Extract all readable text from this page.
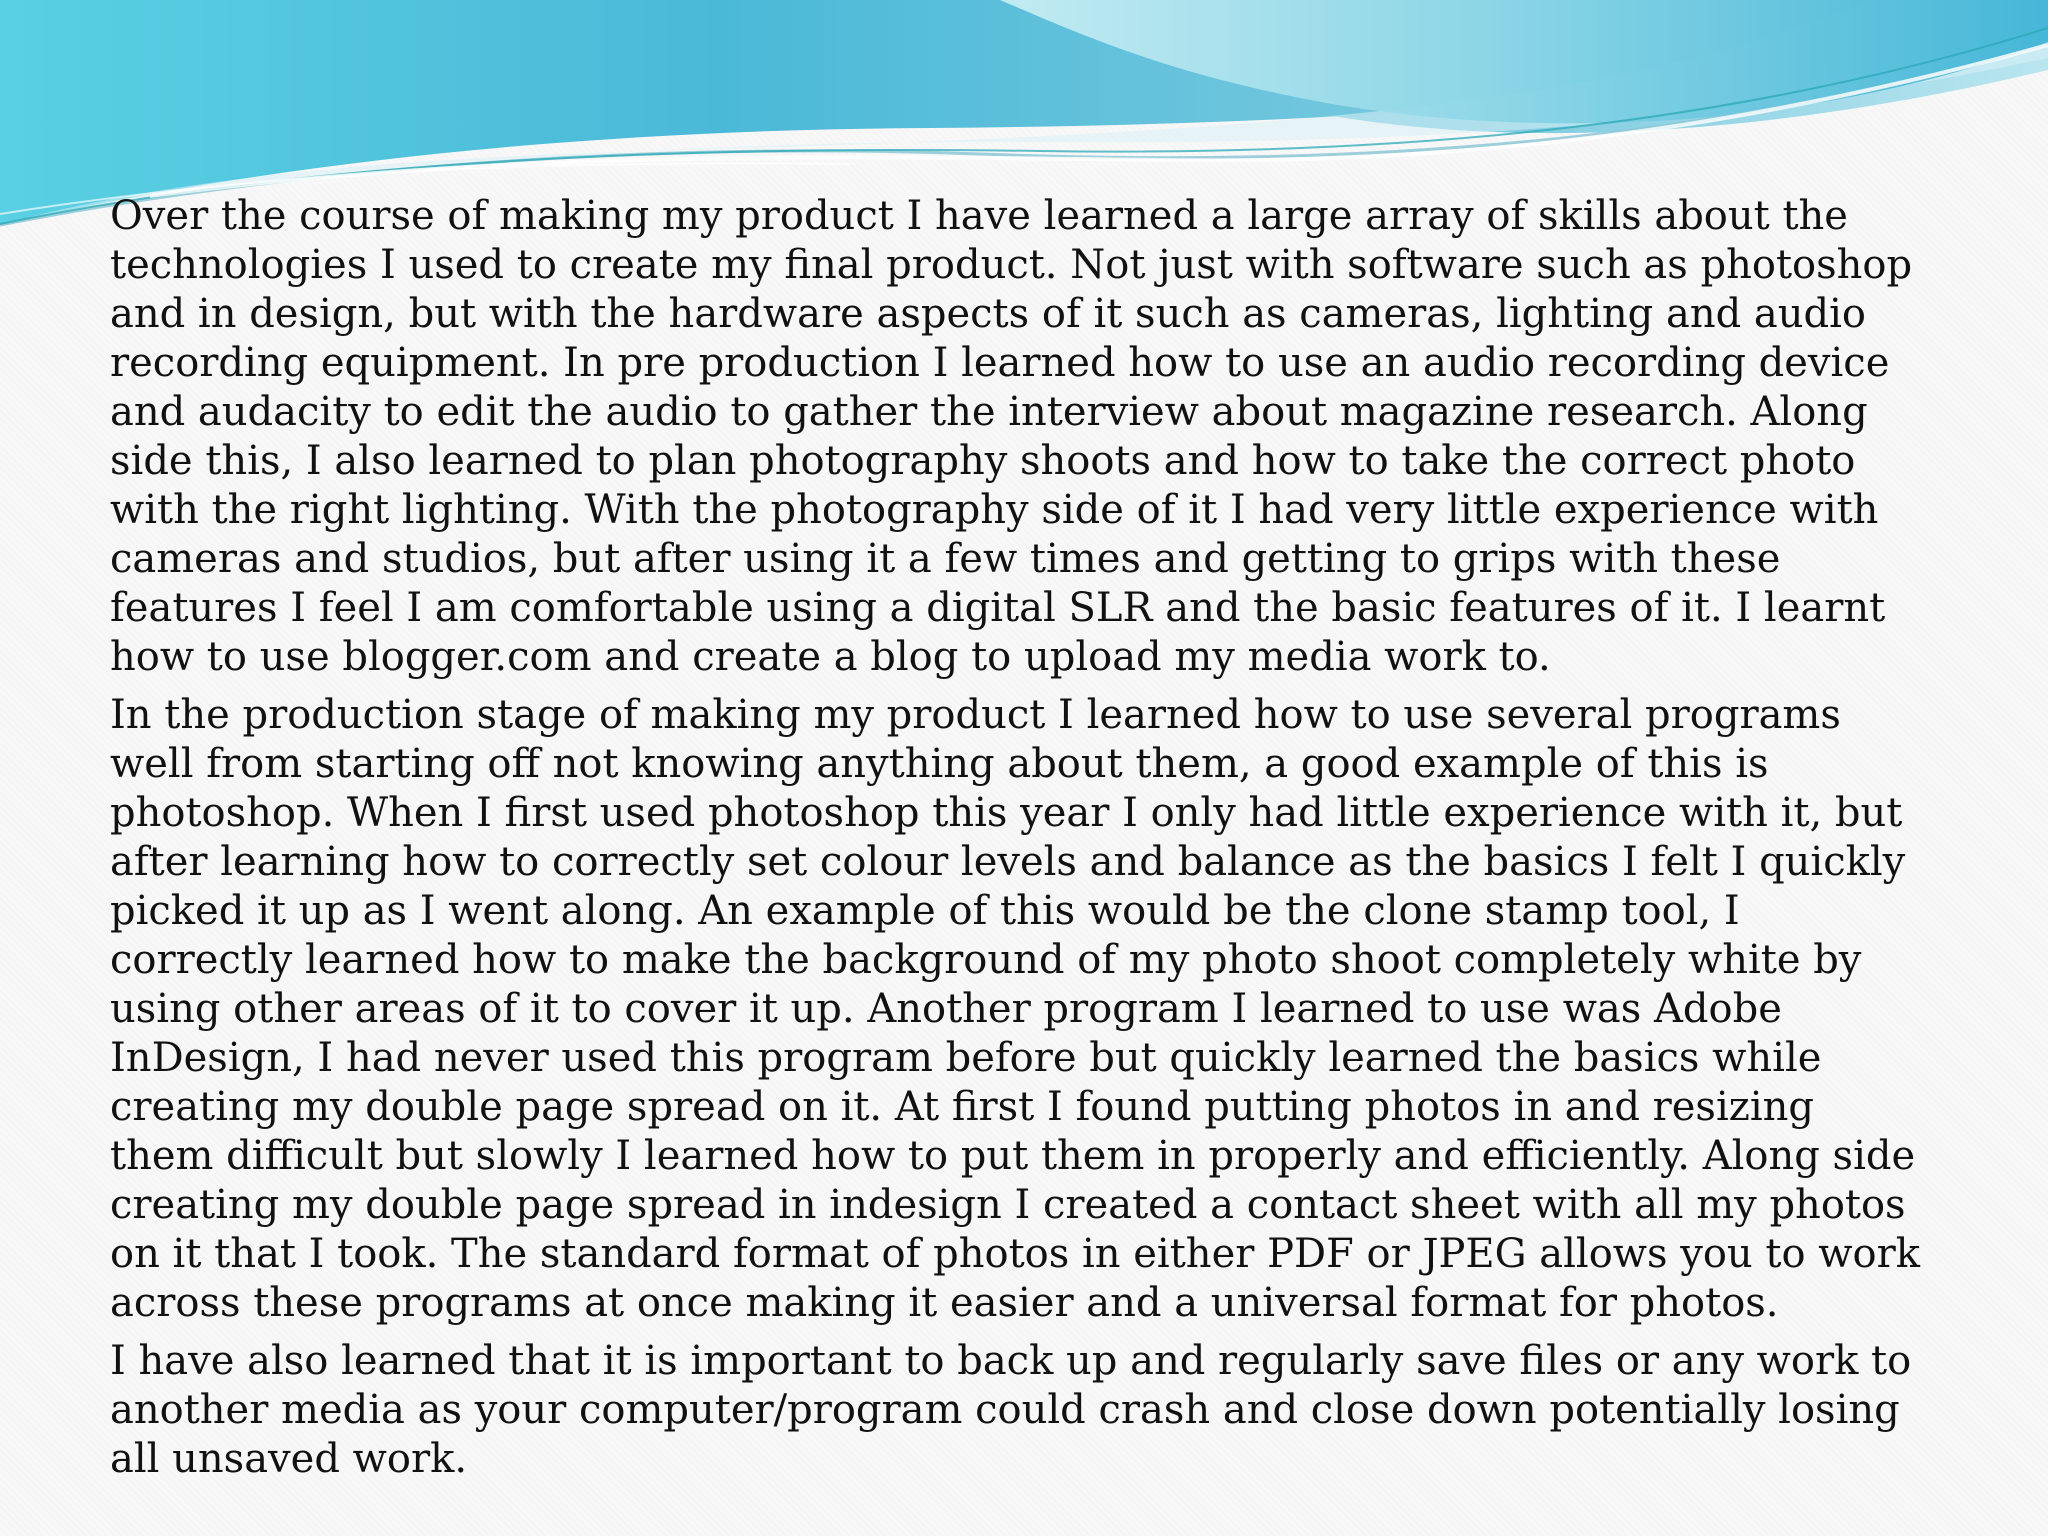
Over the course of making my product I have learned a large array of skills about the technologies I used to create my final product. Not just with software such as photoshop and in design, but with the hardware aspects of it such as cameras, lighting and audio recording equipment. In pre production I learned how to use an audio recording device and audacity to edit the audio to gather the interview about magazine research. Along side this, I also learned to plan photography shoots and how to take the correct photo with the right lighting. With the photography side of it I had very little experience with cameras and studios, but after using it a few times and getting to grips with these features I feel I am comfortable using a digital SLR and the basic features of it. I learnt how to use blogger.com and create a blog to upload my media work to.

In the production stage of making my product I learned how to use several programs well from starting off not knowing anything about them, a good example of this is photoshop. When I first used photoshop this year I only had little experience with it, but after learning how to correctly set colour levels and balance as the basics I felt I quickly picked it up as I went along. An example of this would be the clone stamp tool, I correctly learned how to make the background of my photo shoot completely white by using other areas of it to cover it up. Another program I learned to use was Adobe InDesign, I had never used this program before but quickly learned the basics while creating my double page spread on it. At first I found putting photos in and resizing them difficult but slowly I learned how to put them in properly and efficiently. Along side creating my double page spread in indesign I created a contact sheet with all my photos on it that I took. The standard format of photos in either PDF or JPEG allows you to work across these programs at once making it easier and a universal format for photos.

I have also learned that it is important to back up and regularly save files or any work to another media as your computer/program could crash and close down potentially losing all unsaved work.
